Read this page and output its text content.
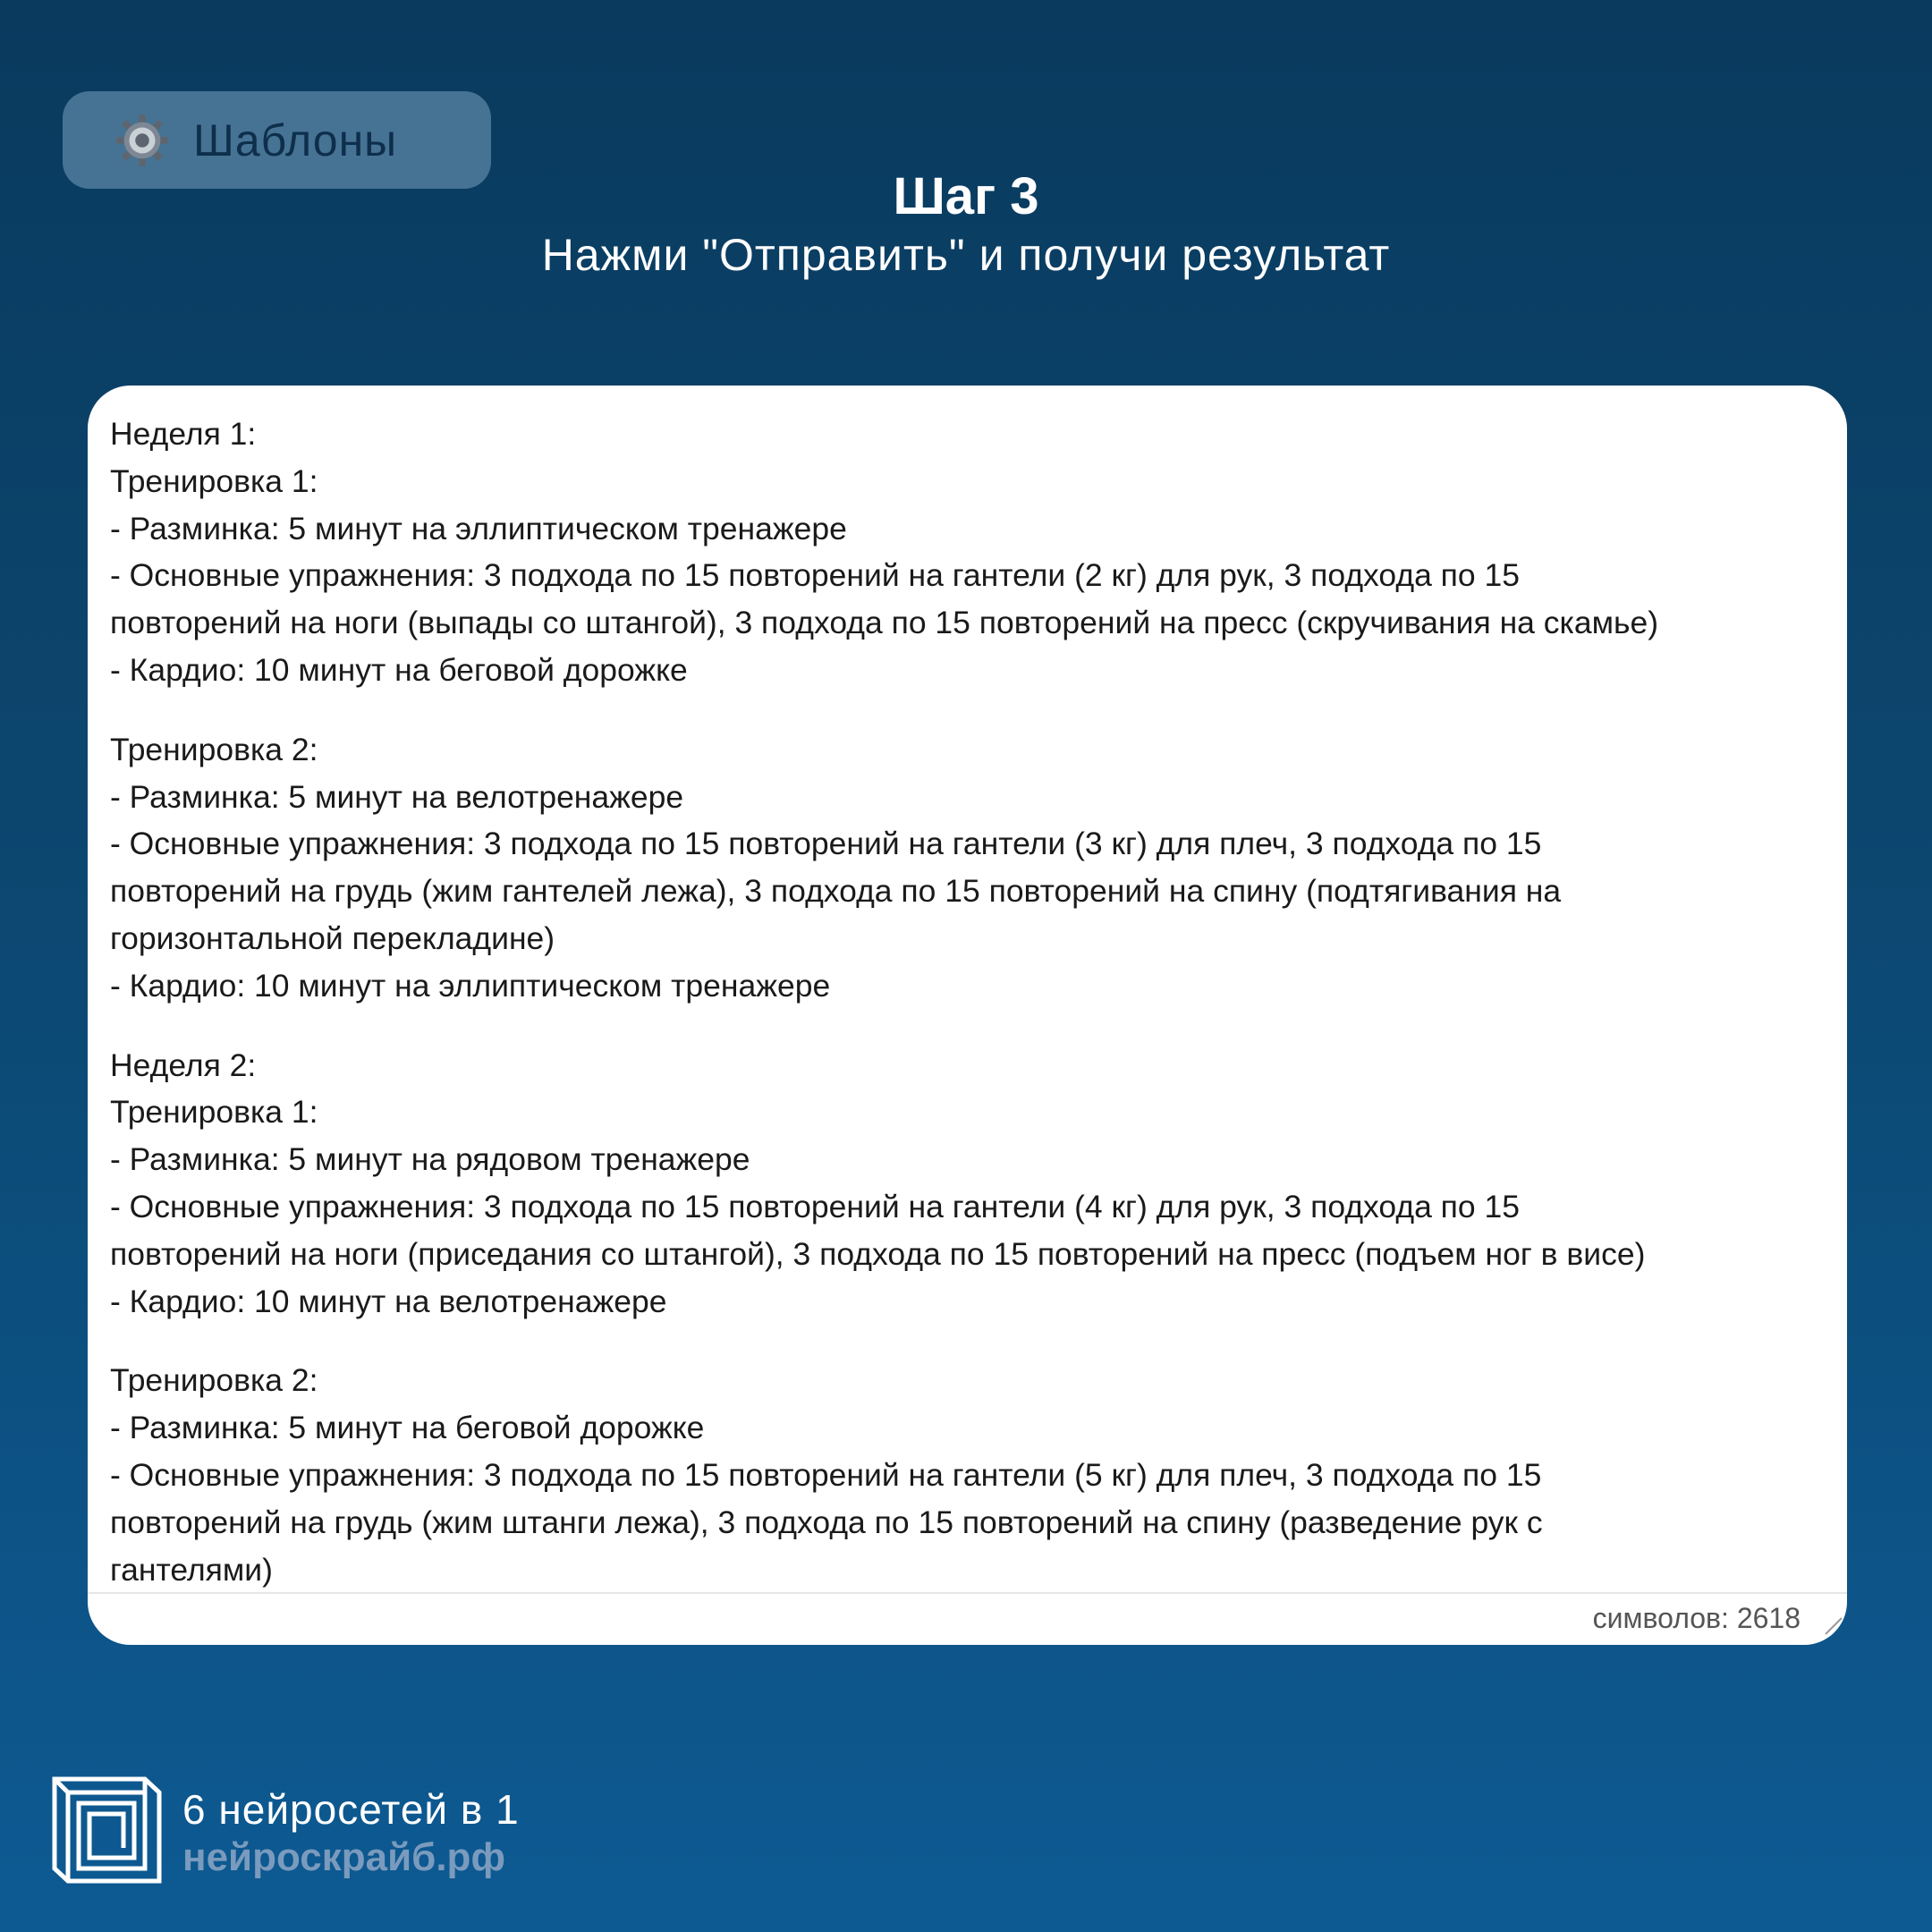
Шаблоны
Шаг 3
Нажми "Отправить" и получи результат
Неделя 1:
Тренировка 1:
- Разминка: 5 минут на эллиптическом тренажере
- Основные упражнения: 3 подхода по 15 повторений на гантели (2 кг) для рук, 3 подхода по 15
повторений на ноги (выпады со штангой), 3 подхода по 15 повторений на пресс (скручивания на скамье)
- Кардио: 10 минут на беговой дорожке
Тренировка 2:
- Разминка: 5 минут на велотренажере
- Основные упражнения: 3 подхода по 15 повторений на гантели (3 кг) для плеч, 3 подхода по 15
повторений на грудь (жим гантелей лежа), 3 подхода по 15 повторений на спину (подтягивания на
горизонтальной перекладине)
- Кардио: 10 минут на эллиптическом тренажере
Неделя 2:
Тренировка 1:
- Разминка: 5 минут на рядовом тренажере
- Основные упражнения: 3 подхода по 15 повторений на гантели (4 кг) для рук, 3 подхода по 15
повторений на ноги (приседания со штангой), 3 подхода по 15 повторений на пресс (подъем ног в висе)
- Кардио: 10 минут на велотренажере
Тренировка 2:
- Разминка: 5 минут на беговой дорожке
- Основные упражнения: 3 подхода по 15 повторений на гантели (5 кг) для плеч, 3 подхода по 15
повторений на грудь (жим штанги лежа), 3 подхода по 15 повторений на спину (разведение рук с
гантелями)
символов: 2618
6 нейросетей в 1
нейроскрайб.рф
